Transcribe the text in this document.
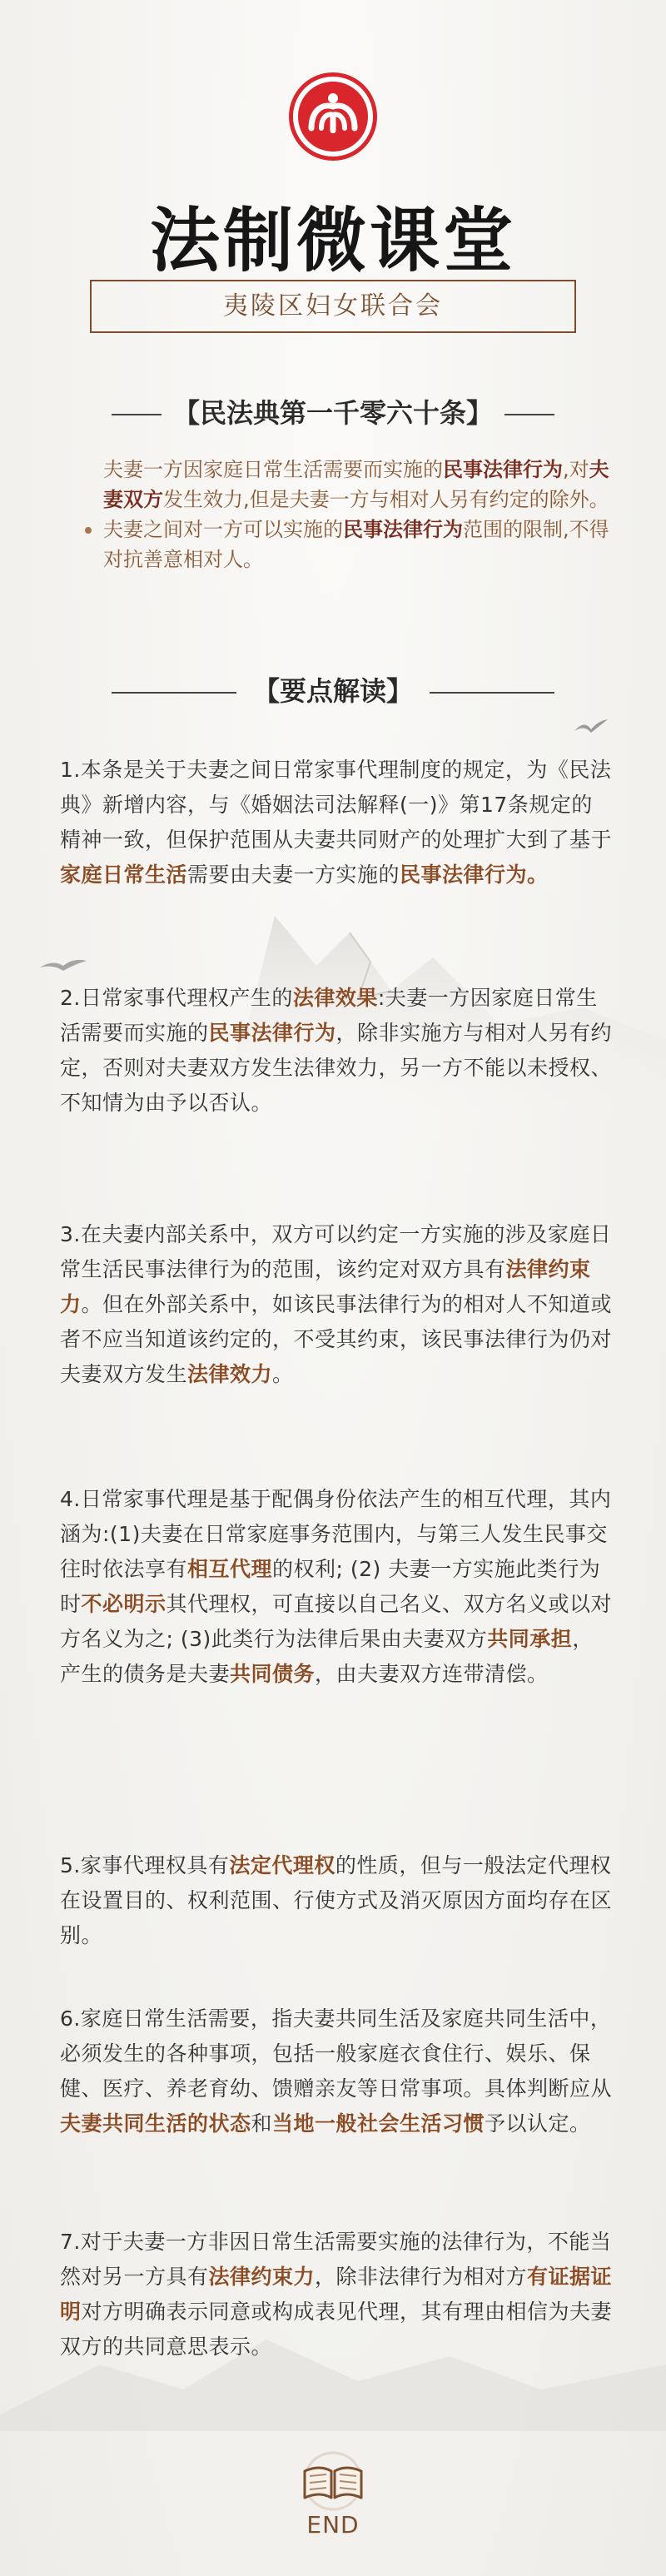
法制微课堂
夷陵区妇女联合会
【民法典第一千零六十条】

夫妻一方因家庭日常生活需要而实施的民事法律行为,对夫妻双方发生效力,但是夫妻一方与相对人另有约定的除外。

夫妻之间对一方可以实施的民事法律行为范围的限制,不得对抗善意相对人。

【要点解读】

1.本条是关于夫妻之间日常家事代理制度的规定，为《民法典》新增内容，与《婚姻法司法解释(一)》第17条规定的精神一致，但保护范围从夫妻共同财产的处理扩大到了基于家庭日常生活需要由夫妻一方实施的民事法律行为。

2.日常家事代理权产生的法律效果:夫妻一方因家庭日常生活需要而实施的民事法律行为，除非实施方与相对人另有约定，否则对夫妻双方发生法律效力，另一方不能以未授权、不知情为由予以否认。

3.在夫妻内部关系中，双方可以约定一方实施的涉及家庭日常生活民事法律行为的范围，该约定对双方具有法律约束力。但在外部关系中，如该民事法律行为的相对人不知道或者不应当知道该约定的，不受其约束，该民事法律行为仍对夫妻双方发生法律效力。

4.日常家事代理是基于配偶身份依法产生的相互代理，其内涵为:(1)夫妻在日常家庭事务范围内，与第三人发生民事交往时依法享有相互代理的权利; (2) 夫妻一方实施此类行为时不必明示其代理权，可直接以自己名义、双方名义或以对方名义为之; (3)此类行为法律后果由夫妻双方共同承担，产生的债务是夫妻共同债务，由夫妻双方连带清偿。

5.家事代理权具有法定代理权的性质，但与一般法定代理权在设置目的、权利范围、行使方式及消灭原因方面均存在区别。

6.家庭日常生活需要，指夫妻共同生活及家庭共同生活中，必须发生的各种事项，包括一般家庭衣食住行、娱乐、保健、医疗、养老育幼、馈赠亲友等日常事项。具体判断应从夫妻共同生活的状态和当地一般社会生活习惯予以认定。

7.对于夫妻一方非因日常生活需要实施的法律行为，不能当然对另一方具有法律约束力，除非法律行为相对方有证据证明对方明确表示同意或构成表见代理，其有理由相信为夫妻双方的共同意思表示。

END
